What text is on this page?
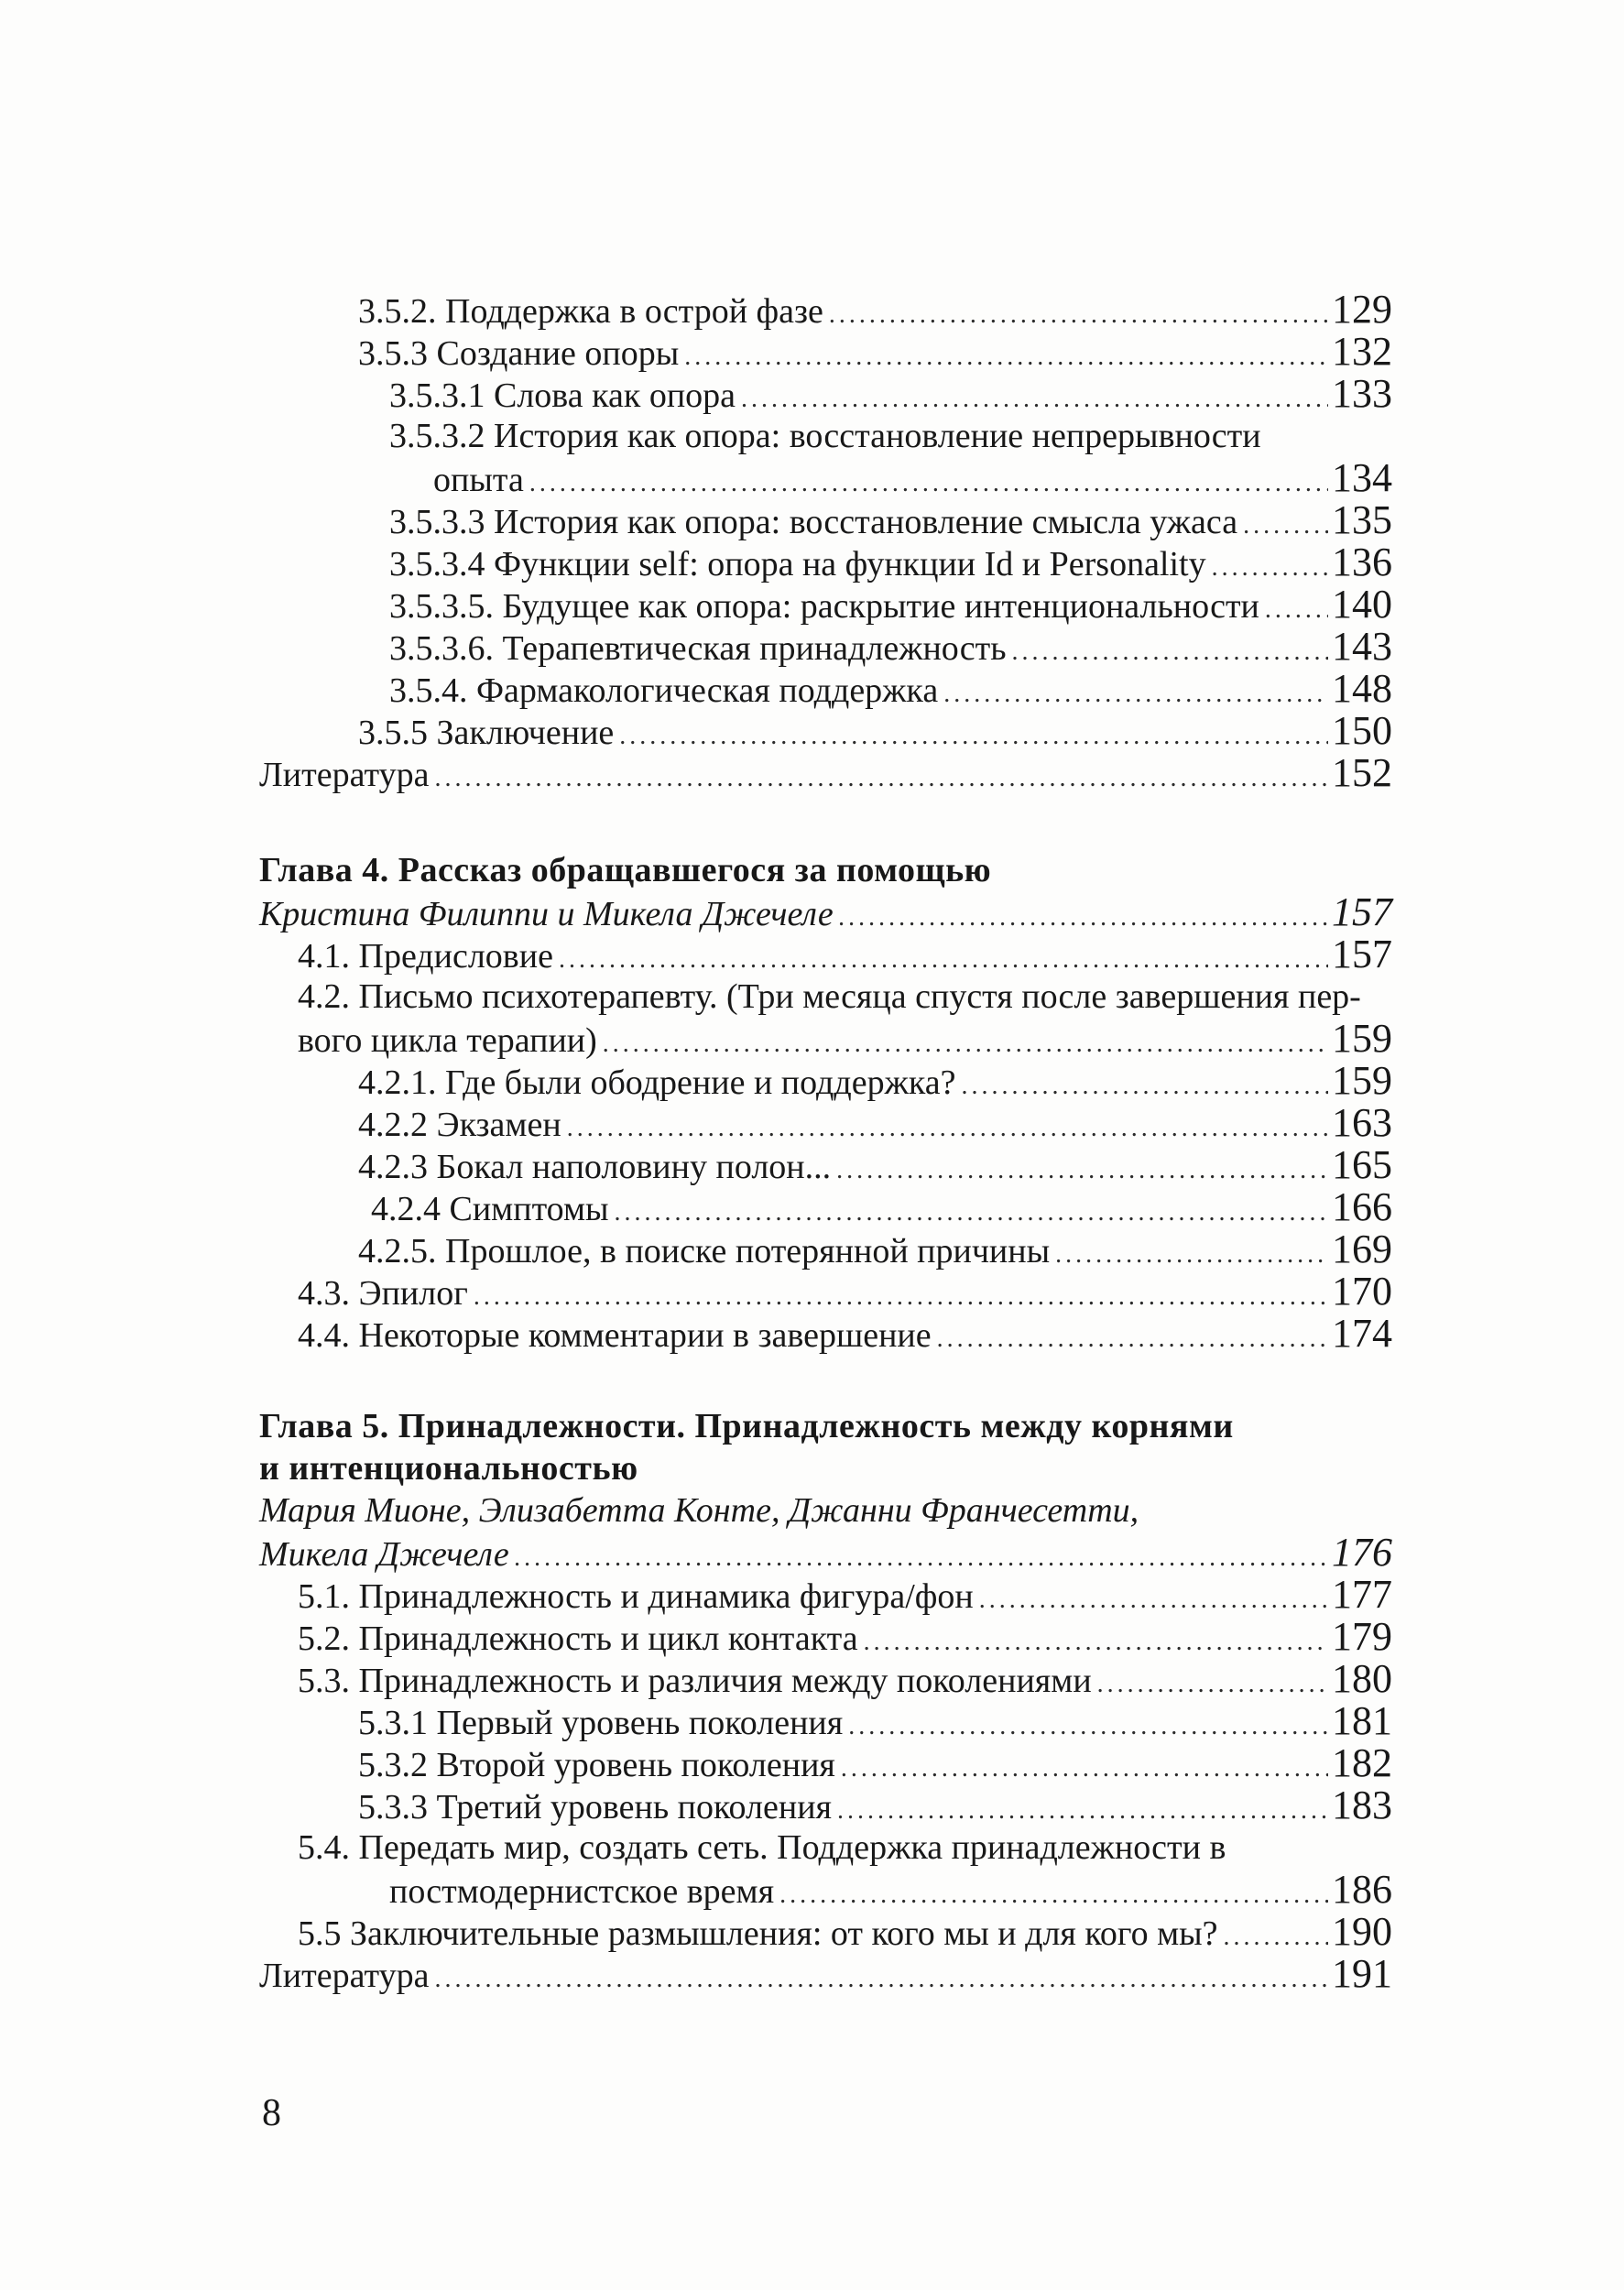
3.5.2. Поддержка в острой фазе .....	129
3.5.3 Создание опоры .....	132
3.5.3.1 Слова как опора .....	133
3.5.3.2 История как опора: восстановление непрерывности
опыта .....	134
3.5.3.3 История как опора: восстановление смысла ужаса ..... 135
3.5.3.4 Функции self: опора на функции Id и Personality .....	136
3.5.3.5. Будущее как опора: раскрытие интенциональности ..... 140
3.5.3.6. Терапевтическая принадлежность .....	143
3.5.4. Фармакологическая поддержка .....	148
3.5.5 Заключение .....	150
Литература .....	152
Глава 4. Рассказ обращавшегося за помощью
Кристина Филиппи и Микела Джечеле .....	157
4.1. Предисловие .....	157
4.2. Письмо психотерапевту. (Три месяца спустя после завершения пер-
вого цикла терапии) .....	159
4.2.1. Где были ободрение и поддержка? .....	159
4.2.2 Экзамен .....	163
4.2.3 Бокал наполовину полон... .....	165
4.2.4 Симптомы .....	166
4.2.5. Прошлое, в поиске потерянной причины .....	169
4.3. Эпилог .....	170
4.4. Некоторые комментарии в завершение .....	174
Глава 5. Принадлежности. Принадлежность между корнями
и интенциональностью
Мария Мионе, Элизабетта Конте, Джанни Франчесетти,
Микела Джечеле .....	176
5.1. Принадлежность и динамика фигура/фон .....	177
5.2. Принадлежность и цикл контакта .....	179
5.3. Принадлежность и различия между поколениями .....	180
5.3.1 Первый уровень поколения .....	181
5.3.2 Второй уровень поколения .....	182
5.3.3 Третий уровень поколения .....	183
5.4. Передать мир, создать сеть. Поддержка принадлежности в
постмодернистское время .....	186
5.5 Заключительные размышления: от кого мы и для кого мы? .....	190
Литература .....	191
8
